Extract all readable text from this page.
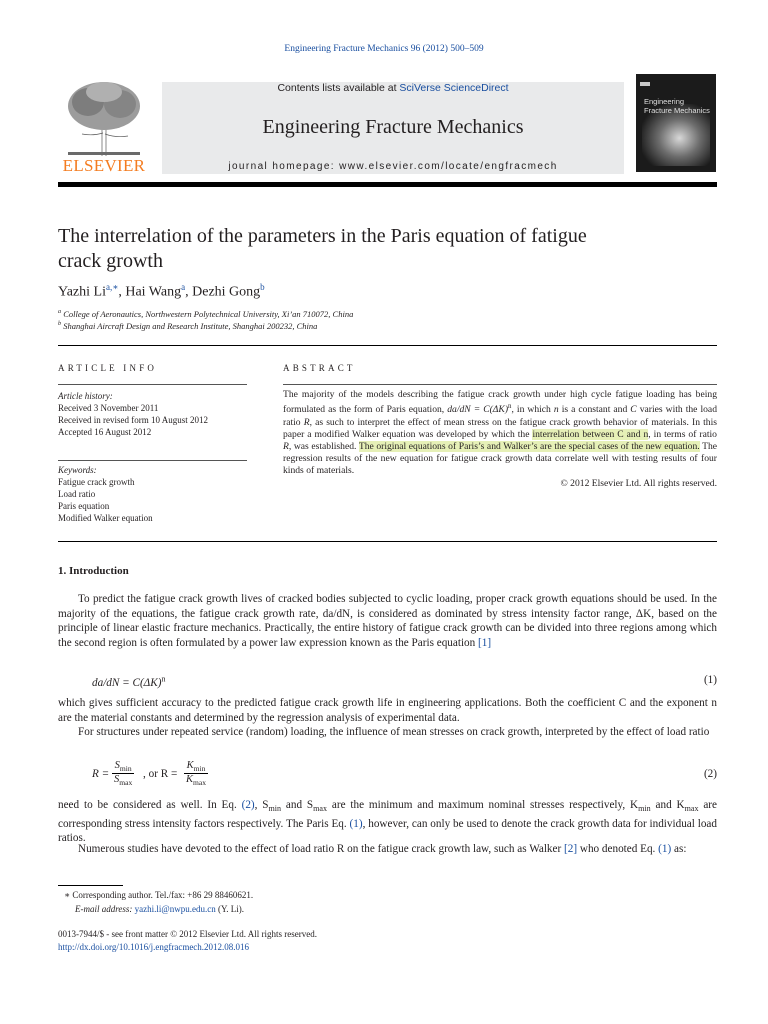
Engineering Fracture Mechanics 96 (2012) 500–509
ELSEVIER
Contents lists available at SciVerse ScienceDirect
Engineering Fracture Mechanics
journal homepage: www.elsevier.com/locate/engfracmech
Engineering
Fracture Mechanics
The interrelation of the parameters in the Paris equation of fatigue
crack growth
Yazhi $Li^{a,∗}$, Hai Wang$^a$, Dezhi Gong$^b$
$^a$ College of Aeronautics, Northwestern Polytechnical University, Xi’an 710072, China
$^b$ Shanghai Aircraft Design and Research Institute, Shanghai 200232, China
ARTICLE INFO	ABSTRACT
Article history:
Received 3 November 2011
Received in revised form 10 August 2012
Accepted 16 August 2012
Keywords:
Fatigue crack growth
Load ratio
Paris equation
Modified Walker equation
The majority of the models describing the fatigue crack growth under high cycle fatigue loading has being formulated as the form of Paris equation, $da/dN = C(\Delta K)^n$, in which n is a constant and C varies with the load ratio R, as such to interpret the effect of mean stress on the fatigue crack growth behavior of materials. In this paper a modified Walker equation was developed by which the interrelation between C and n, in terms of ratio R, was established. The original equations of Paris’s and Walker’s are the special cases of the new equation. The regression results of the new equation for fatigue crack growth data correlate well with testing results of four kinds of materials.
© 2012 Elsevier Ltd. All rights reserved.
1. Introduction
To predict the fatigue crack growth lives of cracked bodies subjected to cyclic loading, proper crack growth equations should be used. In the majority of the equations, the fatigue crack growth rate, da/dN, is considered as dominated by stress intensity factor range, ΔK, based on the principle of linear elastic fracture mechanics. Practically, the entire history of fatigue crack growth can be divided into three regions among which the second region is often formulated by a power law expression known as the Paris equation [1]
$da/dN = C(\Delta K)^n$	(1)
which gives sufficient accuracy to the predicted fatigue crack growth life in engineering applications. Both the coefficient C and the exponent n are the material constants and determined by the regression analysis of experimental data.
For structures under repeated service (random) loading, the influence of mean stresses on crack growth, interpreted by the effect of load ratio
R =
$S_{min}$
$S_{max}$
, or R =
$K_{min}$
$K_{max}$
(2)
need to be considered as well. In Eq. (2), $S_{min}$ and $S_{max}$ are the minimum and maximum nominal stresses respectively, $K_{min}$ and $K_{max}$ are corresponding stress intensity factors respectively. The Paris Eq. (1), however, can only be used to denote the crack growth data for individual load ratios.
Numerous studies have devoted to the effect of load ratio R on the fatigue crack growth law, such as Walker [2] who denoted Eq. (1) as:
∗ Corresponding author. Tel./fax: +86 29 88460621.
E-mail address: yazhi.li@nwpu.edu.cn (Y. Li).
0013-7944/$ - see front matter © 2012 Elsevier Ltd. All rights reserved.
http://dx.doi.org/10.1016/j.engfracmech.2012.08.016
